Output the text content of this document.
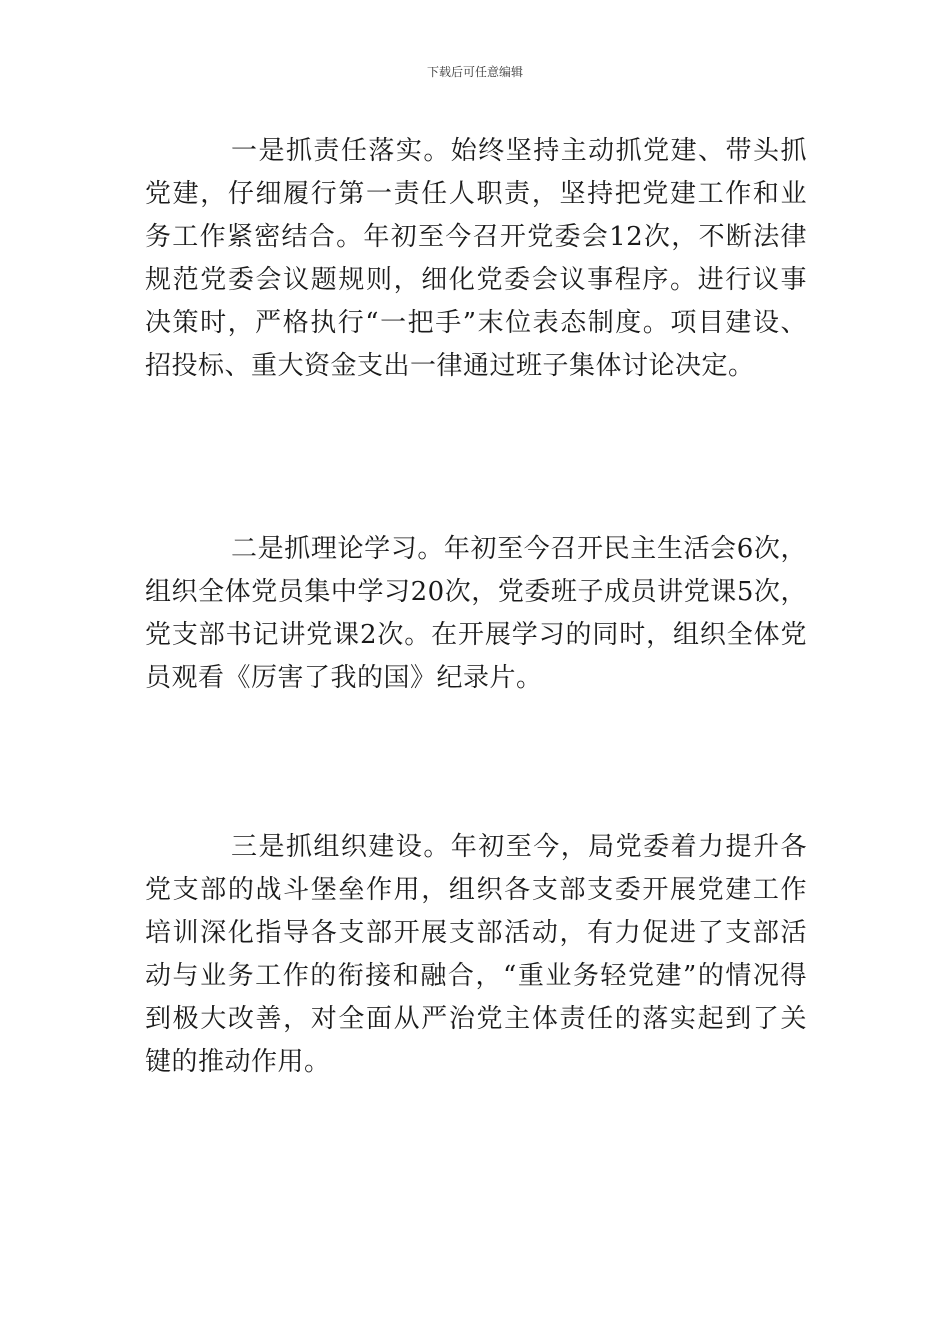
下载后可任意编辑

一是抓责任落实。始终坚持主动抓党建、带头抓党建，仔细履行第一责任人职责，坚持把党建工作和业务工作紧密结合。年初至今召开党委会12次，不断法律规范党委会议题规则，细化党委会议事程序。进行议事决策时，严格执行“一把手”末位表态制度。项目建设、招投标、重大资金支出一律通过班子集体讨论决定。

二是抓理论学习。年初至今召开民主生活会6次，组织全体党员集中学习20次，党委班子成员讲党课5次，党支部书记讲党课2次。在开展学习的同时，组织全体党员观看《厉害了我的国》纪录片。

三是抓组织建设。年初至今，局党委着力提升各党支部的战斗堡垒作用，组织各支部支委开展党建工作培训深化指导各支部开展支部活动，有力促进了支部活动与业务工作的衔接和融合，“重业务轻党建”的情况得到极大改善，对全面从严治党主体责任的落实起到了关键的推动作用。
